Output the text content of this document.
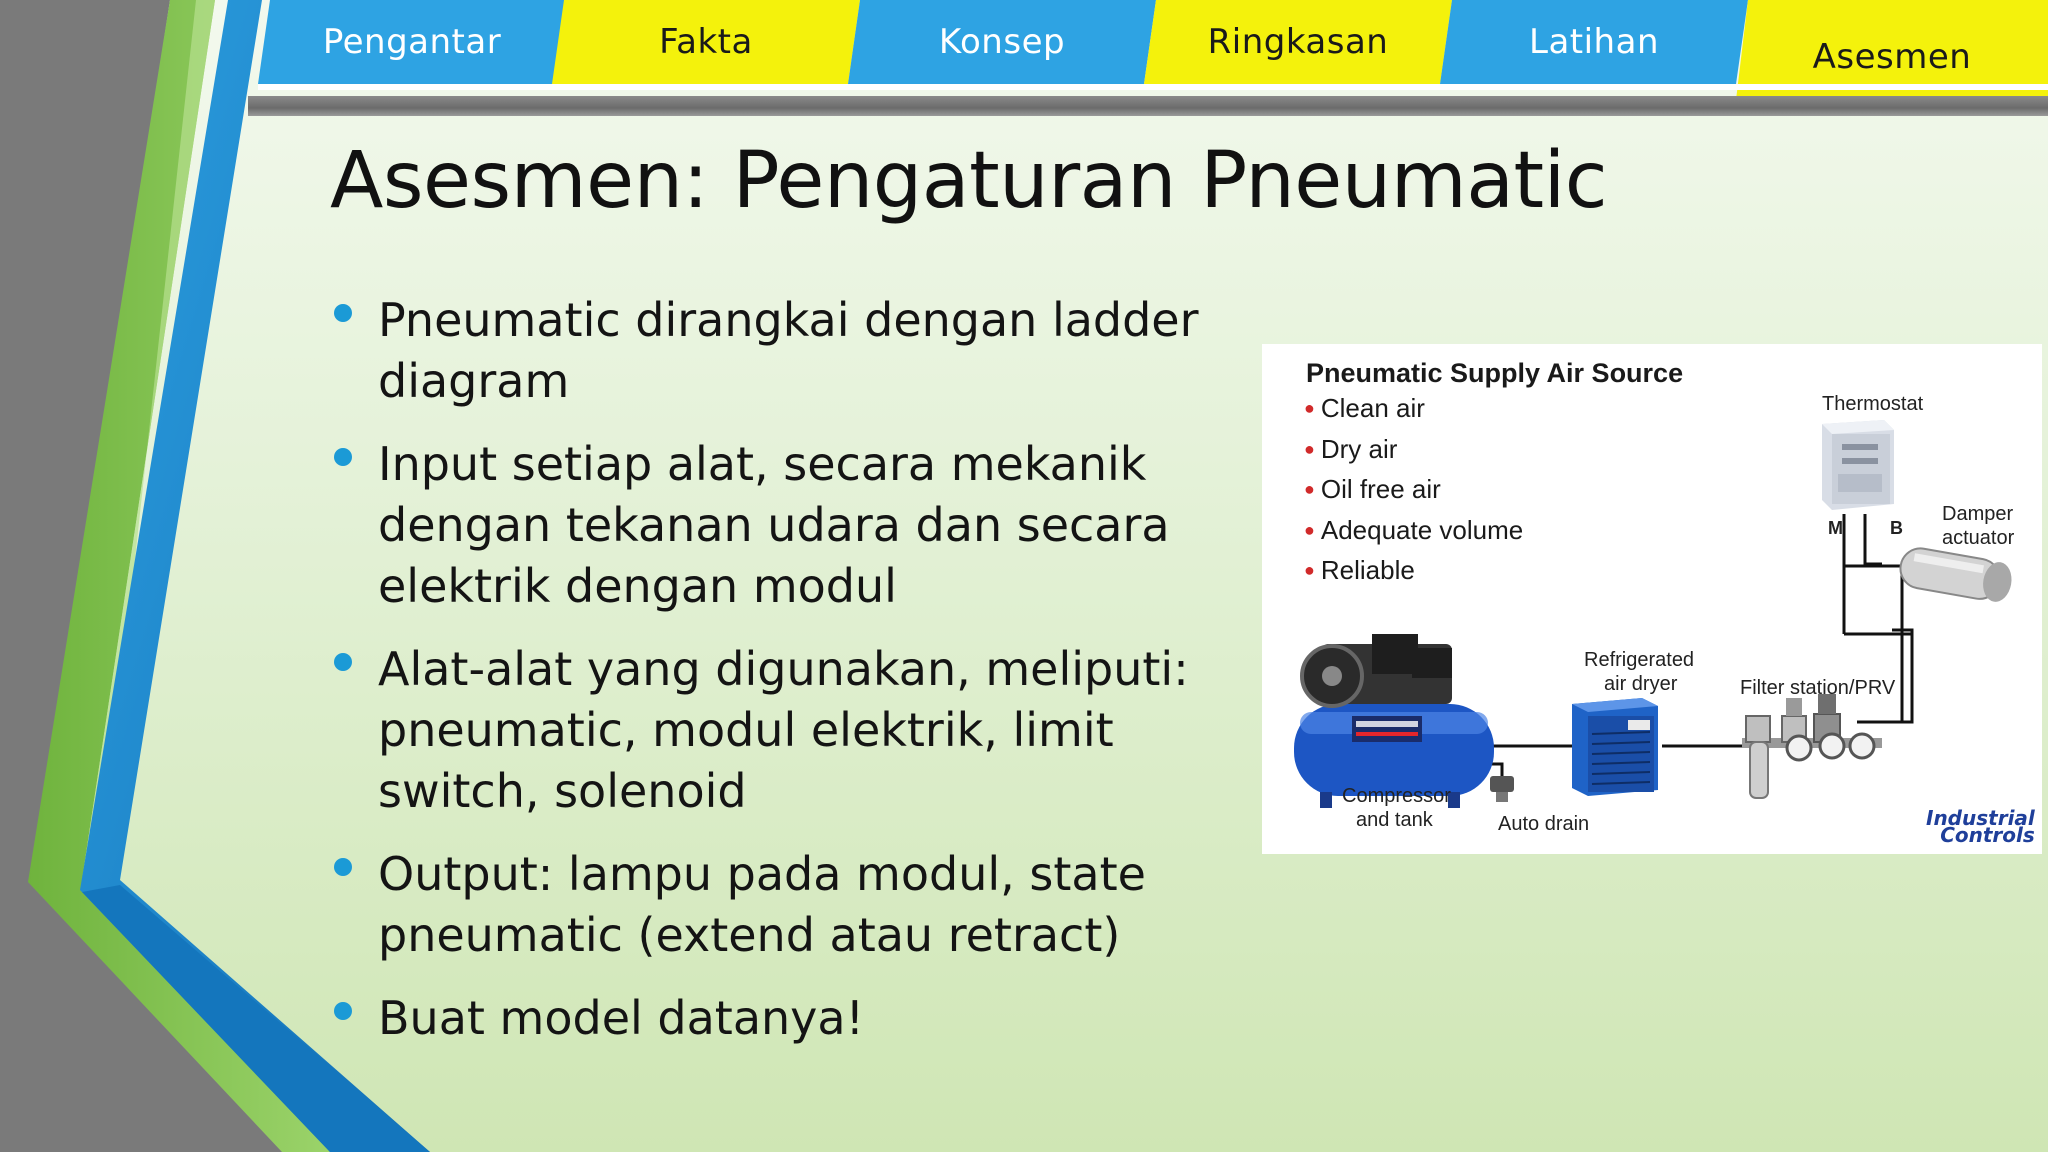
Pengantar	Fakta	Konsep	Ringkasan	Latihan	Asesmen
Asesmen: Pengaturan Pneumatic
Pneumatic dirangkai dengan ladder diagram
Input setiap alat, secara mekanik dengan tekanan udara dan secara elektrik dengan modul
Alat-alat yang digunakan, meliputi: pneumatic, modul elektrik, limit switch, solenoid
Output: lampu pada modul, state pneumatic (extend atau retract)
Buat model datanya!
Pneumatic Supply Air Source
● Clean air
● Dry air
● Oil free air
● Adequate volume
● Reliable
Thermostat
Damper
actuator
M	B
Refrigerated
air dryer	Filter station/PRV
Compressor
and tank	Auto drain	Industrial
Controls
